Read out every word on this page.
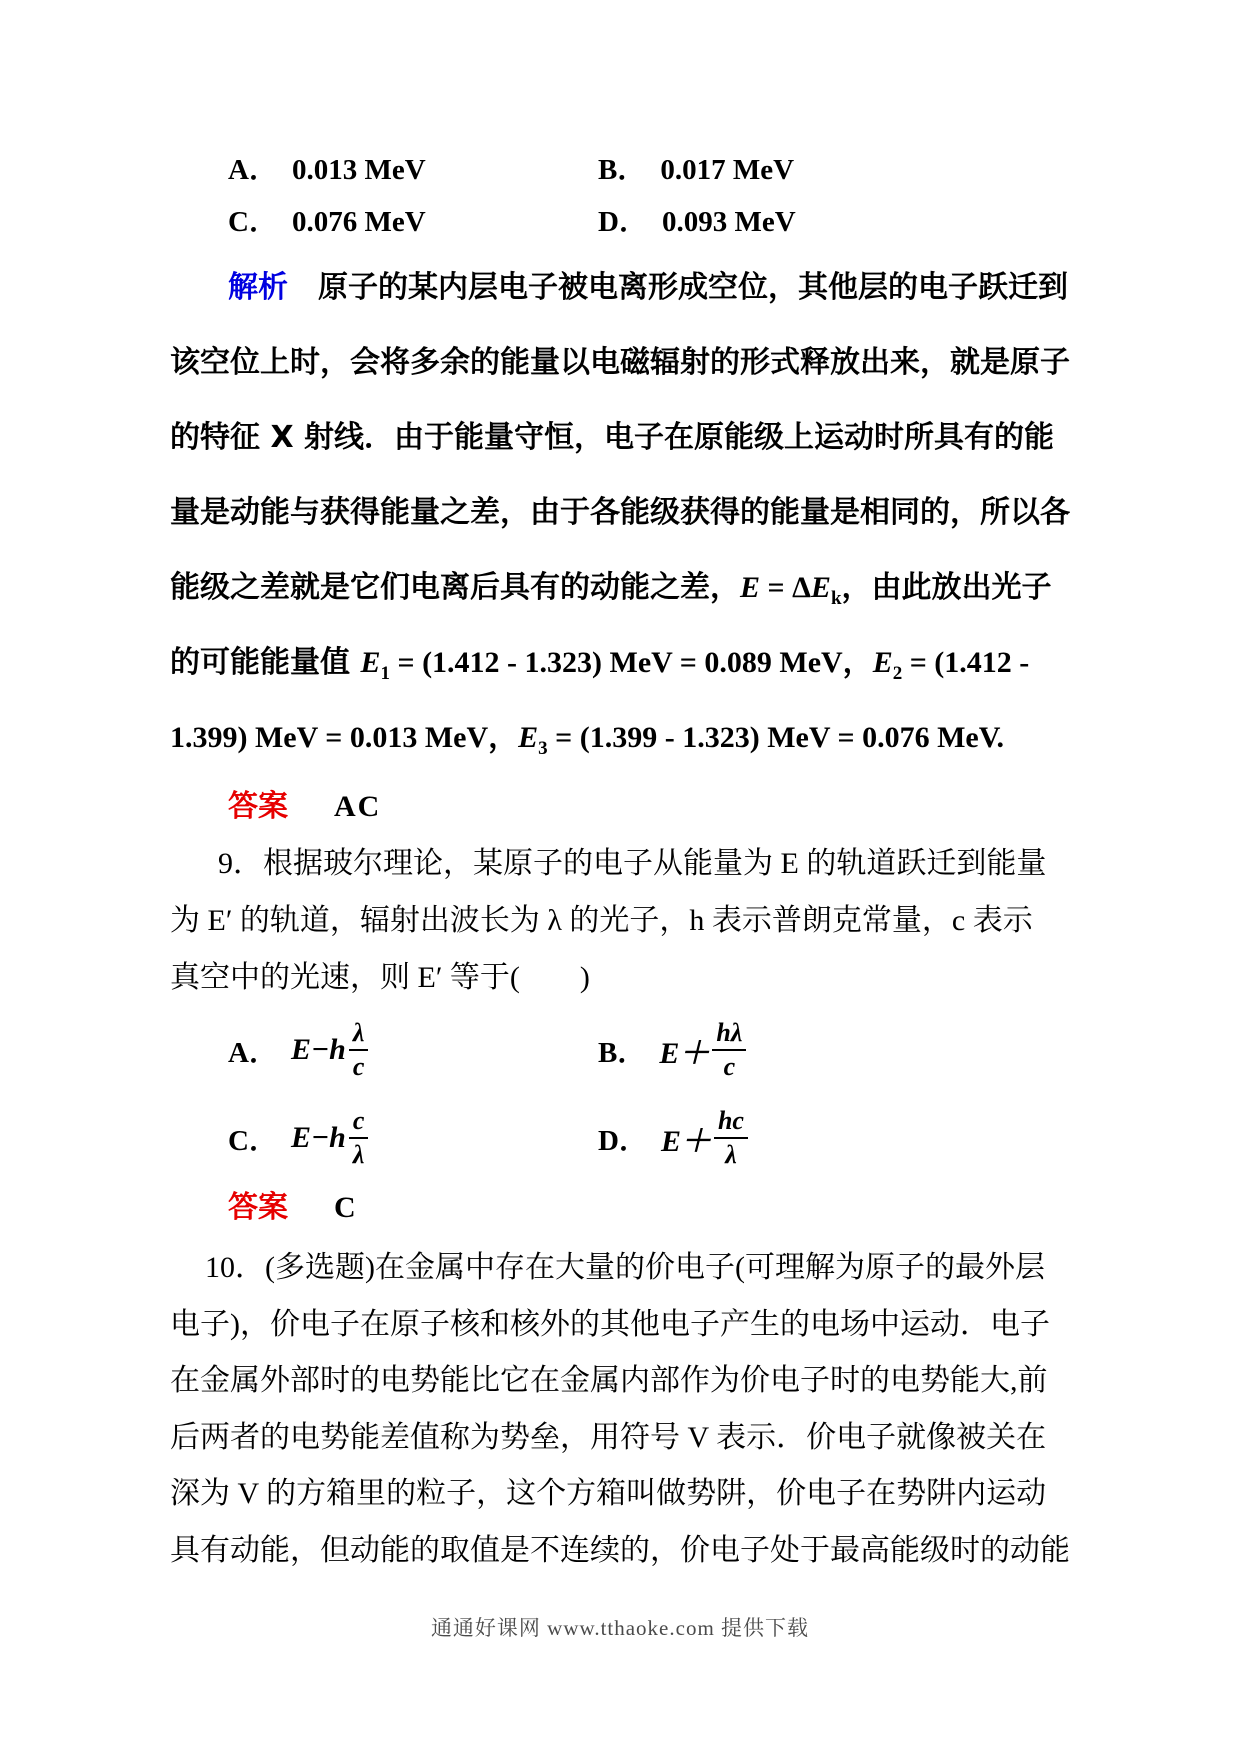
A． 0.013 MeV	B． 0.017 MeV
C． 0.076 MeV	D． 0.093 MeV
解析 原子的某内层电子被电离形成空位，其他层的电子跃迁到
该空位上时，会将多余的能量以电磁辐射的形式释放出来，就是原子
的特征 X 射线．由于能量守恒，电子在原能级上运动时所具有的能
量是动能与获得能量之差，由于各能级获得的能量是相同的，所以各
能级之差就是它们电离后具有的动能之差，$E = \Delta E_k$，由此放出光子
的可能能量值 $E_1 = (1.412 - 1.323)$ MeV = 0.089 MeV，$E_2 = (1.412$ -
1.399) MeV = 0.013 MeV，$E_3 = (1.399 - 1.323)$ MeV = 0.076 MeV.
答案 AC
9．根据玻尔理论，某原子的电子从能量为 E 的轨道跃迁到能量
为 E′ 的轨道，辐射出波长为 λ 的光子，h 表示普朗克常量，c 表示
真空中的光速，则 E′ 等于(　　)
A． $E-h \frac{\lambda}{c}$	B． $E+ \frac{h\lambda}{c}$
C． $E-h \frac{c}{\lambda}$	D． $E+ \frac{hc}{\lambda}$
答案 C
10．(多选题)在金属中存在大量的价电子(可理解为原子的最外层
电子)，价电子在原子核和核外的其他电子产生的电场中运动．电子
在金属外部时的电势能比它在金属内部作为价电子时的电势能大,前
后两者的电势能差值称为势垒，用符号 V 表示．价电子就像被关在
深为 V 的方箱里的粒子，这个方箱叫做势阱，价电子在势阱内运动
具有动能，但动能的取值是不连续的，价电子处于最高能级时的动能
通通好课网 www.tthaoke.com 提供下载
